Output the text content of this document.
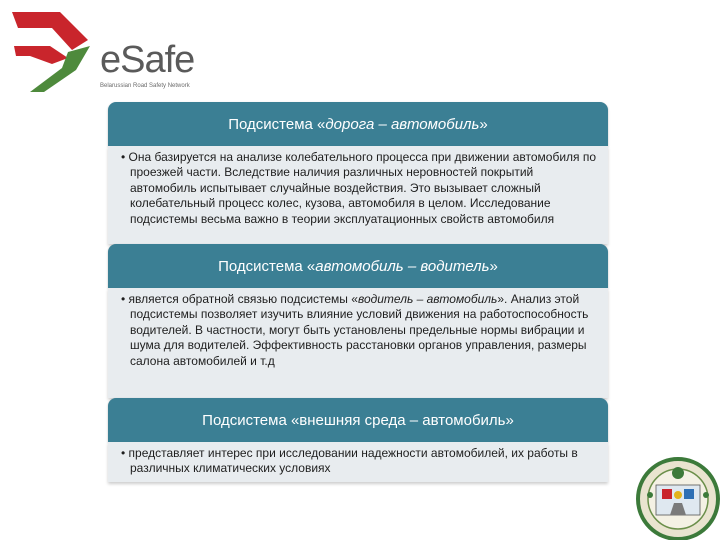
eSafe
Belarussian Road Safety Network
Подсистема «дорога – автомобиль»

• Она базируется на анализе колебательного процесса при движении автомобиля по проезжей части. Вследствие наличия различных неровностей покрытий автомобиль испытывает случайные воздействия. Это вызывает сложный колебательный процесс колес, кузова, автомобиля в целом. Исследование подсистемы весьма важно в теории эксплуатационных свойств автомобиля

Подсистема «автомобиль – водитель»

• является обратной связью подсистемы «водитель – автомобиль». Анализ этой подсистемы позволяет изучить влияние условий движения на работоспособность водителей. В частности, могут быть установлены предельные нормы вибрации и шума для водителей. Эффективность расстановки органов управления, размеры салона автомобилей и т.д

Подсистема «внешняя среда – автомобиль»

• представляет интерес при исследовании надежности автомобилей, их работы в различных климатических условиях
